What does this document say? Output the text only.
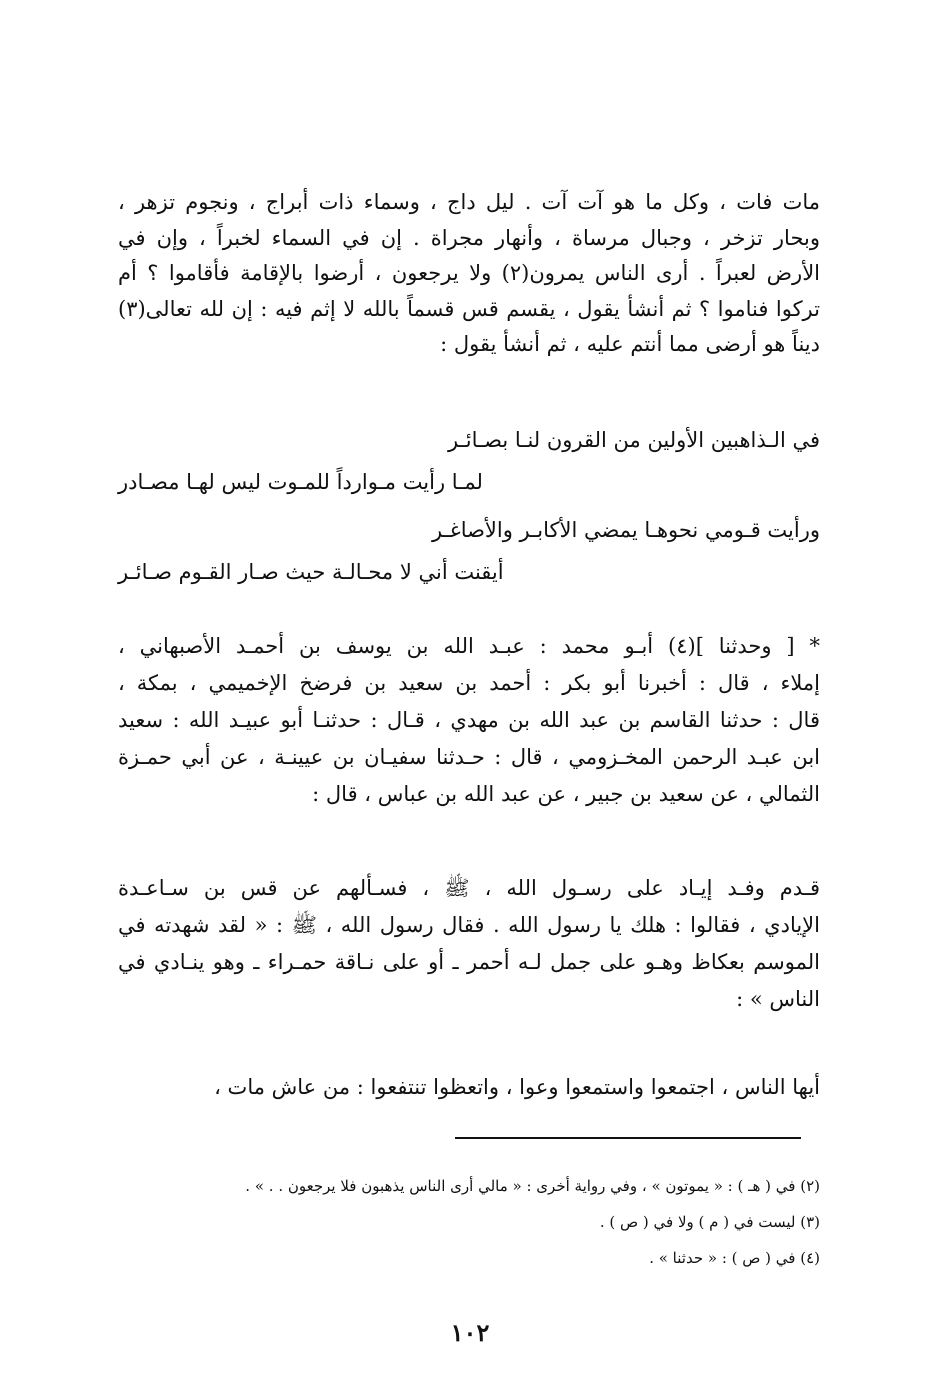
مات فات ، وكل ما هو آت آت . ليل داج ، وسماء ذات أبراج ، ونجوم تزهر ،
وبحار تزخر ، وجبال مرساة ، وأنهار مجراة . إن في السماء لخبراً ، وإن في
الأرض لعبراً . أرى الناس يمرون(٢) ولا يرجعون ، أرضوا بالإقامة فأقاموا ؟ أم
تركوا فناموا ؟ ثم أنشأ يقول ، يقسم قس قسماً بالله لا إثم فيه : إن لله تعالى(٣)
ديناً هو أرضى مما أنتم عليه ، ثم أنشأ يقول :
في الـذاهبين الأولين من القرون لنـا بصـائـر
لمـا رأيت مـوارداً للمـوت ليس لهـا مصـادر
ورأيت قـومي نحوهـا يمضي الأكابـر والأصاغـر
أيقنت أني لا محـالـة حيث صـار القـوم صـائـر
* [ وحدثنا ](٤) أبـو محمد : عبـد الله بن يوسف بن أحمـد الأصبهاني ،
إملاء ، قال : أخبرنا أبو بكر : أحمد بن سعيد بن فرضخ الإخميمي ، بمكة ،
قال : حدثنا القاسم بن عبد الله بن مهدي ، قـال : حدثنـا أبو عبيـد الله : سعيد
ابن عبـد الرحمن المخـزومي ، قال : حـدثنا سفيـان بن عيينـة ، عن أبي حمـزة
الثمالي ، عن سعيد بن جبير ، عن عبد الله بن عباس ، قال :
قـدم وفـد إيـاد على رسـول الله ، ﷺ ، فسـألهم عن قس بن سـاعـدة
الإيادي ، فقالوا : هلك يا رسول الله . فقال رسول الله ، ﷺ : « لقد شهدته في
الموسم بعكاظ وهـو على جمل لـه أحمر ـ أو على نـاقة حمـراء ـ وهو ينـادي في
الناس » :
أيها الناس ، اجتمعوا واستمعوا وعوا ، واتعظوا تنتفعوا : من عاش مات ،
(٢) في ( هـ ) : « يموتون » ، وفي رواية أخرى : « مالي أرى الناس يذهبون فلا يرجعون . . » .
(٣) ليست في ( م ) ولا في ( ص ) .
(٤) في ( ص ) : « حدثنا » .
١٠٢
